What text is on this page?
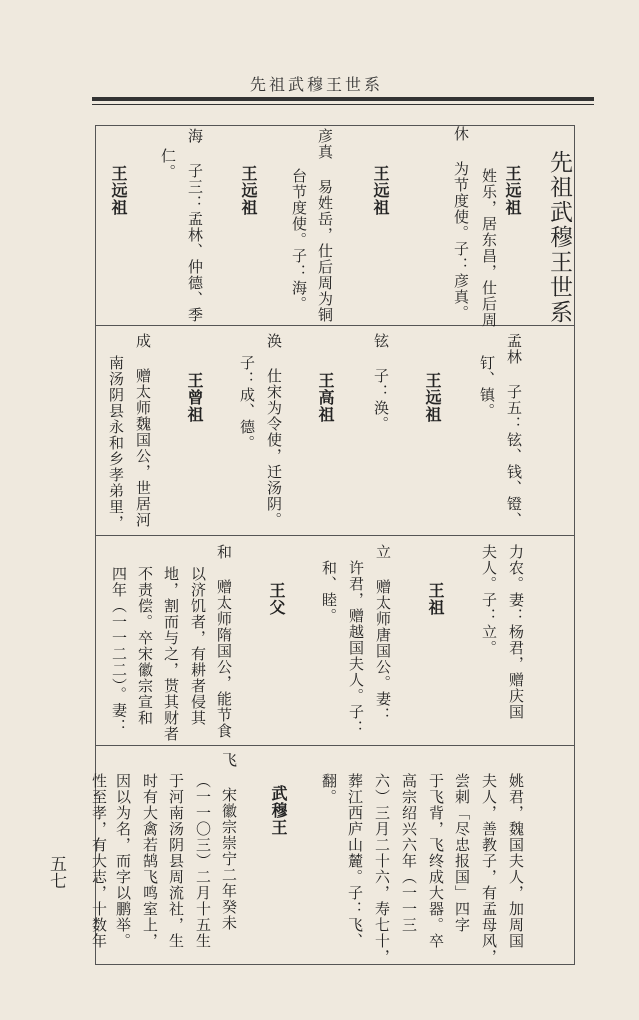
先祖武穆王世系
先祖武穆王世系
王远祖
姓乐，居东昌，仕后周
休 为节度使。子：彦真。
王远祖
彦真 易姓岳，仕后周为铜
台节度使。子：海。
王远祖
海 子三：孟林、仲德、季
仁。
王远祖
孟林 子五：铉、钱、镫、
钉、镇。
王远祖
铉 子：涣。
王高祖
涣 仕宋为令使，迁汤阴。
子：成、德。
王曾祖
成 赠太师魏国公，世居河
南汤阴县永和乡孝弟里，
力农。妻：杨君，赠庆国
夫人。子：立。
王祖
立 赠太师唐国公。妻：
许君，赠越国夫人。子：
和、睦。
王父
和 赠太师隋国公，能节食
以济饥者，有耕者侵其
地，割而与之，贳其财者
不责偿。卒宋徽宗宣和
四年（一一二二）。妻：
姚君，魏国夫人，加周国
夫人，善教子，有孟母风，
尝刺「尽忠报国」四字
于飞背，飞终成大器。卒
高宗绍兴六年（一一三
六）三月二十六，寿七十，
葬江西庐山麓。子：飞、
翻。
武穆王
飞 宋徽宗崇宁二年癸未
（一一〇三）二月十五生
于河南汤阴县周流社，生
时有大禽若鹄飞鸣室上，
因以为名，而字以鹏举。
性至孝，有大志，十数年
五七
